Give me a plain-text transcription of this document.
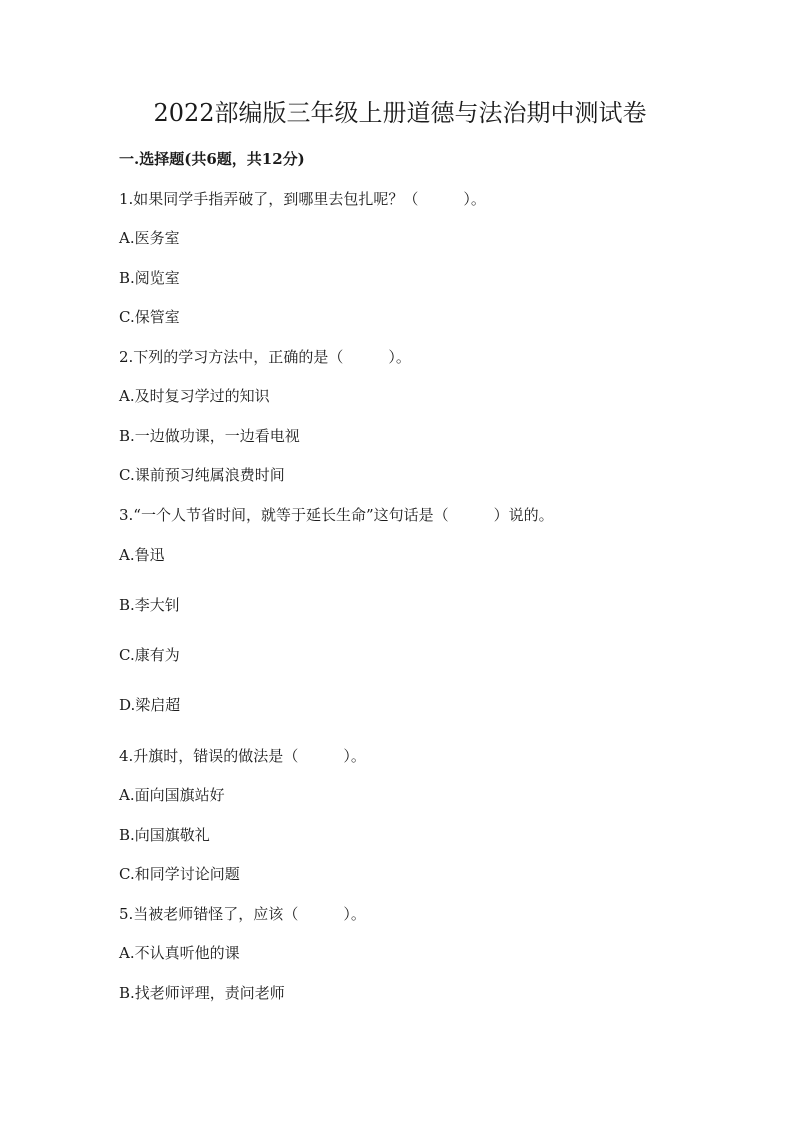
2022部编版三年级上册道德与法治期中测试卷
一.选择题(共6题，共12分)
1.如果同学手指弄破了，到哪里去包扎呢？（　　　）。
A.医务室
B.阅览室
C.保管室
2.下列的学习方法中，正确的是（　　　）。
A.及时复习学过的知识
B.一边做功课，一边看电视
C.课前预习纯属浪费时间
3.“一个人节省时间，就等于延长生命”这句话是（　　　）说的。
A.鲁迅
B.李大钊
C.康有为
D.梁启超
4.升旗时，错误的做法是（　　　）。
A.面向国旗站好
B.向国旗敬礼
C.和同学讨论问题
5.当被老师错怪了，应该（　　　）。
A.不认真听他的课
B.找老师评理，责问老师
